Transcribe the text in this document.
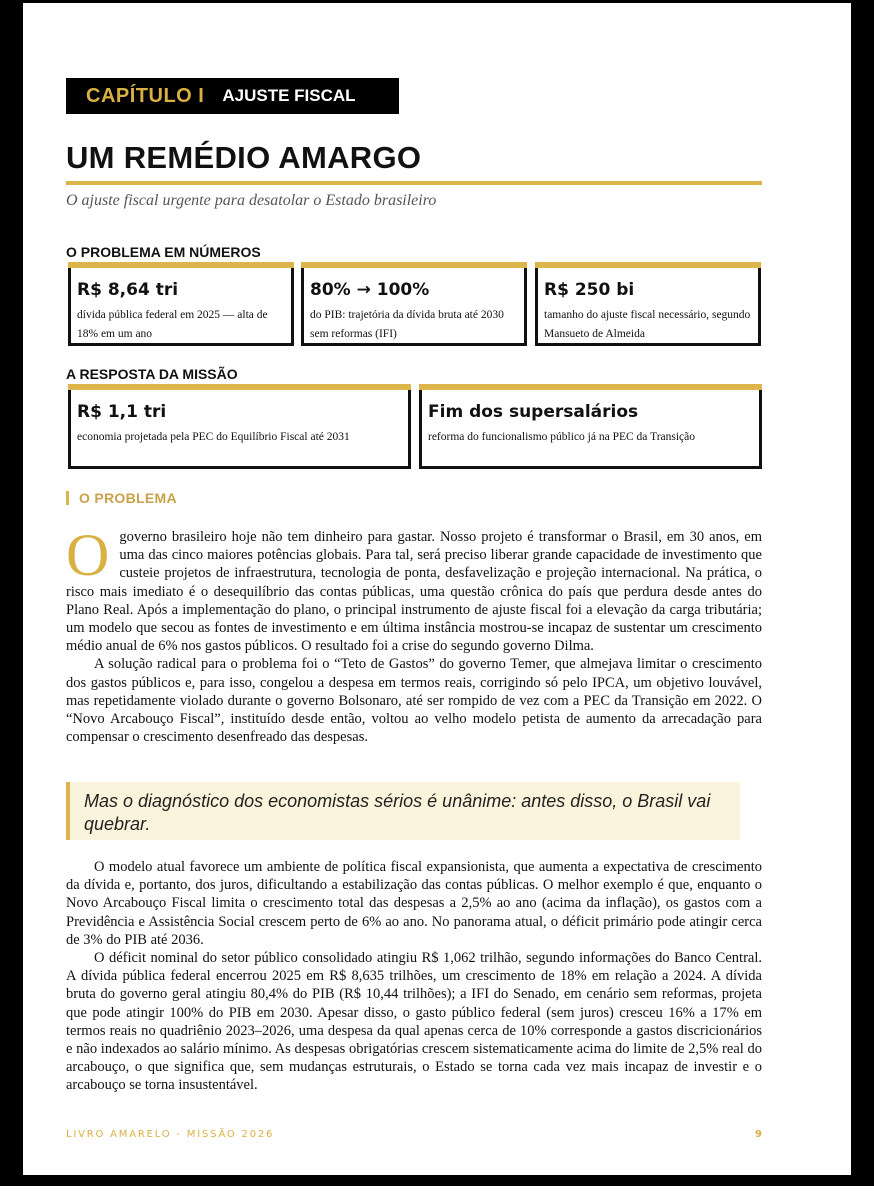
CAPÍTULO I AJUSTE FISCAL
UM REMÉDIO AMARGO
O ajuste fiscal urgente para desatolar o Estado brasileiro
O PROBLEMA EM NÚMEROS
R$ 8,64 tri
dívida pública federal em 2025 — alta de 18% em um ano
80% → 100%
do PIB: trajetória da dívida bruta até 2030 sem reformas (IFI)
R$ 250 bi
tamanho do ajuste fiscal necessário, segundo Mansueto de Almeida
A RESPOSTA DA MISSÃO
R$ 1,1 tri
economia projetada pela PEC do Equilíbrio Fiscal até 2031
Fim dos supersalários
reforma do funcionalismo público já na PEC da Transição
O PROBLEMA

O governo brasileiro hoje não tem dinheiro para gastar. Nosso projeto é transformar o Brasil, em 30 anos, em uma das cinco maiores potências globais. Para tal, será preciso liberar grande capacidade de investimento que custeie projetos de infraestrutura, tecnologia de ponta, desfavelização e projeção internacional. Na prática, o risco mais imediato é o desequilíbrio das contas públicas, uma questão crônica do país que perdura desde antes do Plano Real. Após a implementação do plano, o principal instrumento de ajuste fiscal foi a elevação da carga tributária; um modelo que secou as fontes de investimento e em última instância mostrou-se incapaz de sustentar um crescimento médio anual de 6% nos gastos públicos. O resultado foi a crise do segundo governo Dilma.

A solução radical para o problema foi o “Teto de Gastos” do governo Temer, que almejava limitar o crescimento dos gastos públicos e, para isso, congelou a despesa em termos reais, corrigindo só pelo IPCA, um objetivo louvável, mas repetidamente violado durante o governo Bolsonaro, até ser rompido de vez com a PEC da Transição em 2022. O “Novo Arcabouço Fiscal”, instituído desde então, voltou ao velho modelo petista de aumento da arrecadação para compensar o crescimento desenfreado das despesas.

Mas o diagnóstico dos economistas sérios é unânime: antes disso, o Brasil vai quebrar.

O modelo atual favorece um ambiente de política fiscal expansionista, que aumenta a expectativa de crescimento da dívida e, portanto, dos juros, dificultando a estabilização das contas públicas. O melhor exemplo é que, enquanto o Novo Arcabouço Fiscal limita o crescimento total das despesas a 2,5% ao ano (acima da inflação), os gastos com a Previdência e Assistência Social crescem perto de 6% ao ano. No panorama atual, o déficit primário pode atingir cerca de 3% do PIB até 2036.

O déficit nominal do setor público consolidado atingiu R$ 1,062 trilhão, segundo informações do Banco Central. A dívida pública federal encerrou 2025 em R$ 8,635 trilhões, um crescimento de 18% em relação a 2024. A dívida bruta do governo geral atingiu 80,4% do PIB (R$ 10,44 trilhões); a IFI do Senado, em cenário sem reformas, projeta que pode atingir 100% do PIB em 2030. Apesar disso, o gasto público federal (sem juros) cresceu 16% a 17% em termos reais no quadriênio 2023–2026, uma despesa da qual apenas cerca de 10% corresponde a gastos discricionários e não indexados ao salário mínimo. As despesas obrigatórias crescem sistematicamente acima do limite de 2,5% real do arcabouço, o que significa que, sem mudanças estruturais, o Estado se torna cada vez mais incapaz de investir e o arcabouço se torna insustentável.

LIVRO AMARELO - MISSÃO 2026	9
